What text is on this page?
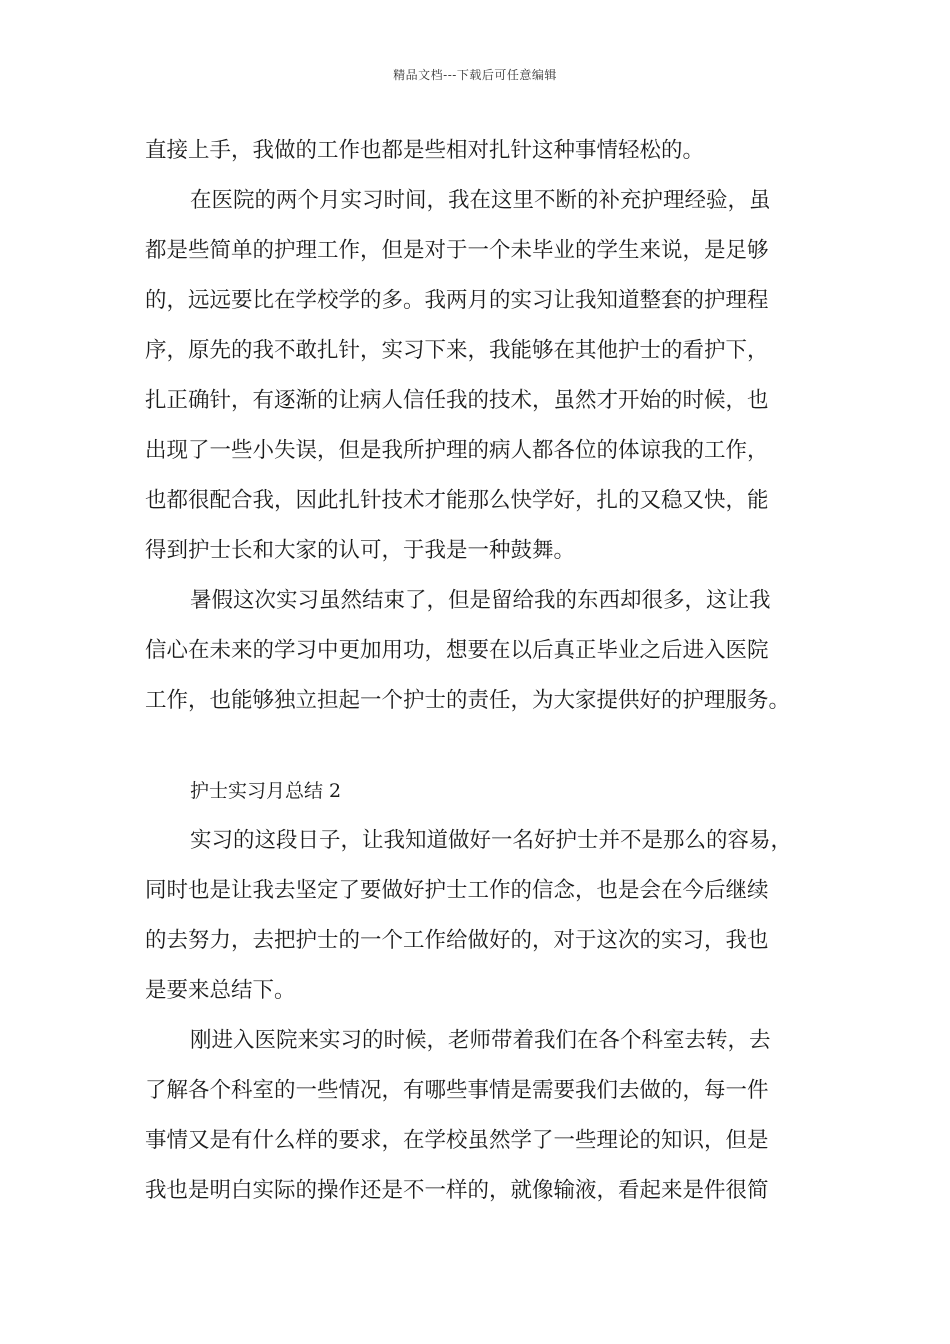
精品文档---下载后可任意编辑
直接上手，我做的工作也都是些相对扎针这种事情轻松的。
在医院的两个月实习时间，我在这里不断的补充护理经验，虽
都是些简单的护理工作，但是对于一个未毕业的学生来说，是足够
的，远远要比在学校学的多。我两月的实习让我知道整套的护理程
序，原先的我不敢扎针，实习下来，我能够在其他护士的看护下，
扎正确针，有逐渐的让病人信任我的技术，虽然才开始的时候，也
出现了一些小失误，但是我所护理的病人都各位的体谅我的工作，
也都很配合我，因此扎针技术才能那么快学好，扎的又稳又快，能
得到护士长和大家的认可，于我是一种鼓舞。
暑假这次实习虽然结束了，但是留给我的东西却很多，这让我
信心在未来的学习中更加用功，想要在以后真正毕业之后进入医院
工作，也能够独立担起一个护士的责任，为大家提供好的护理服务。
护士实习月总结 2
实习的这段日子，让我知道做好一名好护士并不是那么的容易，
同时也是让我去坚定了要做好护士工作的信念，也是会在今后继续
的去努力，去把护士的一个工作给做好的，对于这次的实习，我也
是要来总结下。
刚进入医院来实习的时候，老师带着我们在各个科室去转，去
了解各个科室的一些情况，有哪些事情是需要我们去做的，每一件
事情又是有什么样的要求，在学校虽然学了一些理论的知识，但是
我也是明白实际的操作还是不一样的，就像输液，看起来是件很简
